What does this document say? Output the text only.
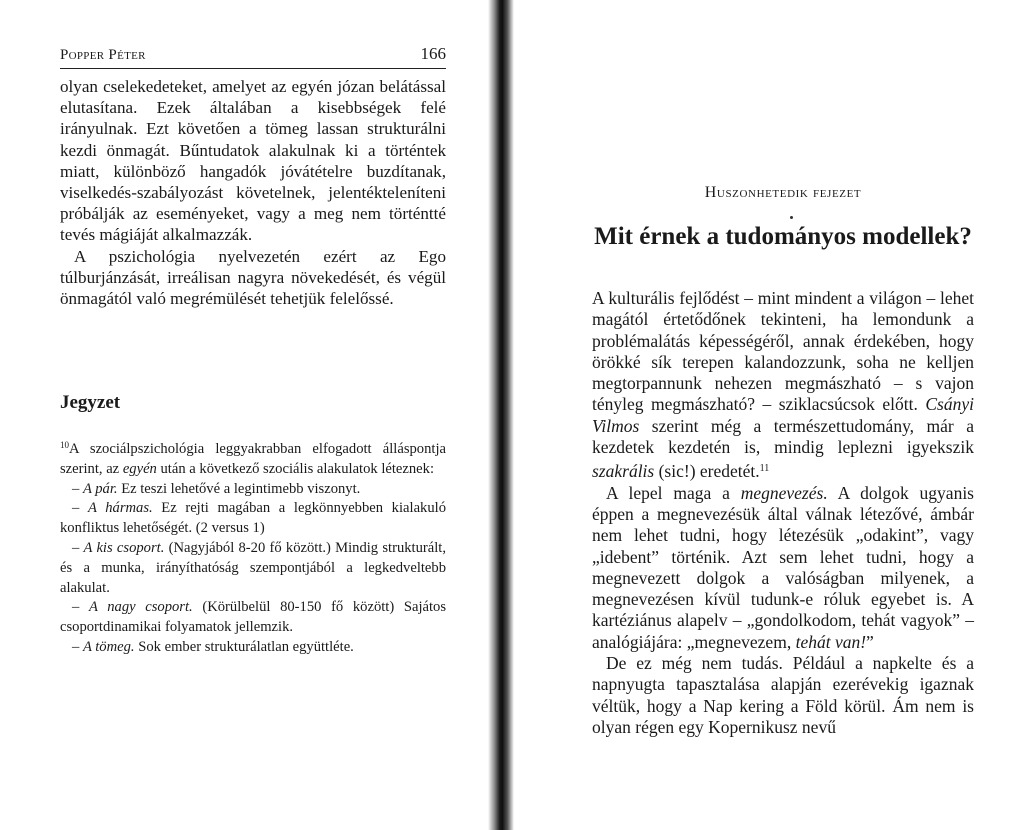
Popper Péter	166

olyan cselekedeteket, amelyet az egyén józan belátással elutasítana. Ezek általában a kisebbségek felé irányulnak. Ezt követően a tömeg lassan strukturálni kezdi önmagát. Bűntudatok alakulnak ki a történtek miatt, különböző hangadók jóvátételre buzdítanak, viselkedés-szabályozást követelnek, jelentékteleníteni próbálják az eseményeket, vagy a meg nem történtté tevés mágiáját alkalmazzák.

A pszichológia nyelvezetén ezért az Ego túlburjánzását, irreálisan nagyra növekedését, és végül önmagától való megrémülését tehetjük felelőssé.

Jegyzet

$^{10}$A szociálpszichológia leggyakrabban elfogadott álláspontja szerint, az egyén után a következő szociális alakulatok léteznek:

– A pár. Ez teszi lehetővé a legintimebb viszonyt.

– A hármas. Ez rejti magában a legkönnyebben kialakuló konfliktus lehetőségét. (2 versus 1)

– A kis csoport. (Nagyjából 8-20 fő között.) Mindig strukturált, és a munka, irányíthatóság szempontjából a legkedveltebb alakulat.

– A nagy csoport. (Körülbelül 80-150 fő között) Sajátos csoportdinamikai folyamatok jellemzik.

– A tömeg. Sok ember strukturálatlan együttléte.

Huszonhetedik fejezet
Mit érnek a tudományos modellek?

A kulturális fejlődést – mint mindent a világon – lehet magától értetődőnek tekinteni, ha lemondunk a problémalátás képességéről, annak érdekében, hogy örökké sík terepen kalandozzunk, soha ne kelljen megtorpannunk nehezen megmászható – s vajon tényleg megmászható? – sziklacsúcsok előtt. Csányi Vilmos szerint még a természettudomány, már a kezdetek kezdetén is, mindig leplezni igyekszik szakrális (sic!) eredetét.$^{11}$

A lepel maga a megnevezés. A dolgok ugyanis éppen a megnevezésük által válnak létezővé, ámbár nem lehet tudni, hogy létezésük „odakint”, vagy „idebent” történik. Azt sem lehet tudni, hogy a megnevezett dolgok a valóságban milyenek, a megnevezésen kívül tudunk-e róluk egyebet is. A kartéziánus alapelv – „gondolkodom, tehát vagyok” – analógiájára: „megnevezem, tehát van!”

De ez még nem tudás. Például a napkelte és a napnyugta tapasztalása alapján ezerévekig igaznak véltük, hogy a Nap kering a Föld körül. Ám nem is olyan régen egy Kopernikusz nevű
